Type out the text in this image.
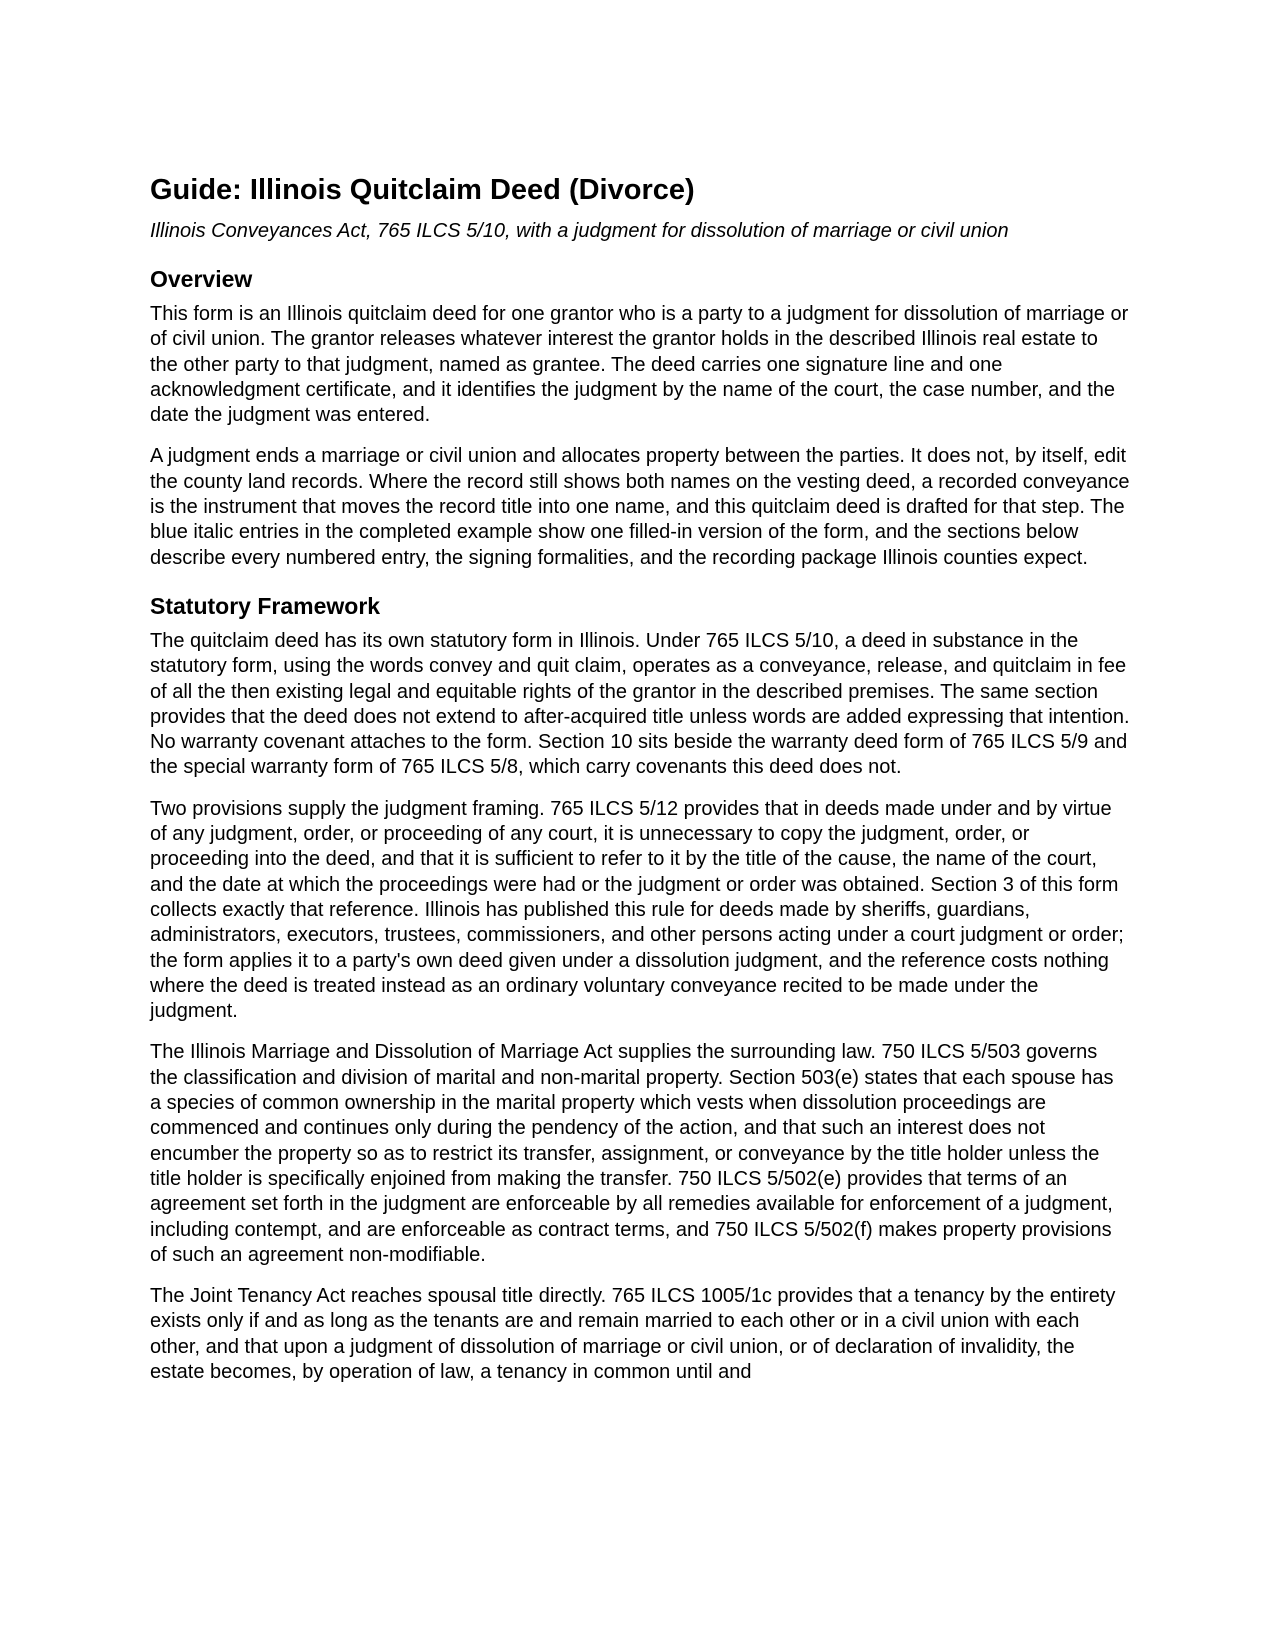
Guide: Illinois Quitclaim Deed (Divorce)

Illinois Conveyances Act, 765 ILCS 5/10, with a judgment for dissolution of marriage or civil union

Overview

This form is an Illinois quitclaim deed for one grantor who is a party to a judgment for dissolution of marriage or of civil union. The grantor releases whatever interest the grantor holds in the described Illinois real estate to the other party to that judgment, named as grantee. The deed carries one signature line and one acknowledgment certificate, and it identifies the judgment by the name of the court, the case number, and the date the judgment was entered.

A judgment ends a marriage or civil union and allocates property between the parties. It does not, by itself, edit the county land records. Where the record still shows both names on the vesting deed, a recorded conveyance is the instrument that moves the record title into one name, and this quitclaim deed is drafted for that step. The blue italic entries in the completed example show one filled-in version of the form, and the sections below describe every numbered entry, the signing formalities, and the recording package Illinois counties expect.

Statutory Framework

The quitclaim deed has its own statutory form in Illinois. Under 765 ILCS 5/10, a deed in substance in the statutory form, using the words convey and quit claim, operates as a conveyance, release, and quitclaim in fee of all the then existing legal and equitable rights of the grantor in the described premises. The same section provides that the deed does not extend to after-acquired title unless words are added expressing that intention. No warranty covenant attaches to the form. Section 10 sits beside the warranty deed form of 765 ILCS 5/9 and the special warranty form of 765 ILCS 5/8, which carry covenants this deed does not.

Two provisions supply the judgment framing. 765 ILCS 5/12 provides that in deeds made under and by virtue of any judgment, order, or proceeding of any court, it is unnecessary to copy the judgment, order, or proceeding into the deed, and that it is sufficient to refer to it by the title of the cause, the name of the court, and the date at which the proceedings were had or the judgment or order was obtained. Section 3 of this form collects exactly that reference. Illinois has published this rule for deeds made by sheriffs, guardians, administrators, executors, trustees, commissioners, and other persons acting under a court judgment or order; the form applies it to a party's own deed given under a dissolution judgment, and the reference costs nothing where the deed is treated instead as an ordinary voluntary conveyance recited to be made under the judgment.

The Illinois Marriage and Dissolution of Marriage Act supplies the surrounding law. 750 ILCS 5/503 governs the classification and division of marital and non-marital property. Section 503(e) states that each spouse has a species of common ownership in the marital property which vests when dissolution proceedings are commenced and continues only during the pendency of the action, and that such an interest does not encumber the property so as to restrict its transfer, assignment, or conveyance by the title holder unless the title holder is specifically enjoined from making the transfer. 750 ILCS 5/502(e) provides that terms of an agreement set forth in the judgment are enforceable by all remedies available for enforcement of a judgment, including contempt, and are enforceable as contract terms, and 750 ILCS 5/502(f) makes property provisions of such an agreement non-modifiable.

The Joint Tenancy Act reaches spousal title directly. 765 ILCS 1005/1c provides that a tenancy by the entirety exists only if and as long as the tenants are and remain married to each other or in a civil union with each other, and that upon a judgment of dissolution of marriage or civil union, or of declaration of invalidity, the estate becomes, by operation of law, a tenancy in common until and
